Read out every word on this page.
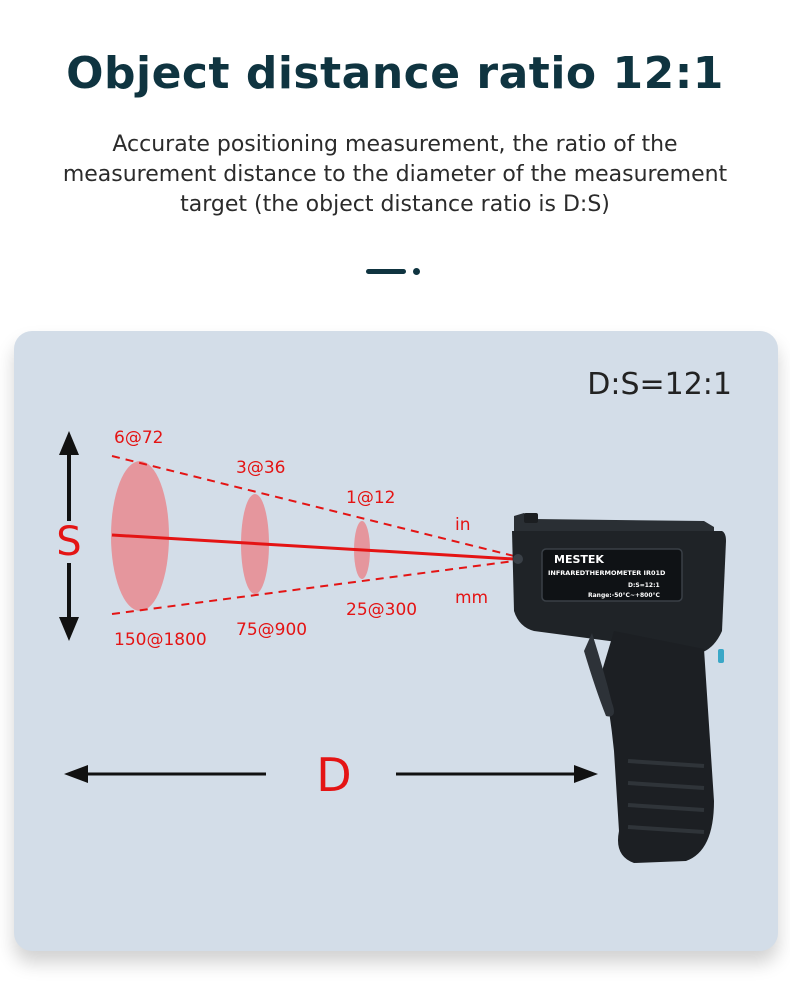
Object distance ratio 12:1
Accurate positioning measurement, the ratio of the measurement distance to the diameter of the measurement target (the object distance ratio is D:S)
D:S=12:1
S
6@72
3@36
1@12
150@1800 75@900
25@300
in
mm
D
MESTEK
INFRAREDTHERMOMETER IR01D
D:S=12:1
Range:-50°C~+800°C
